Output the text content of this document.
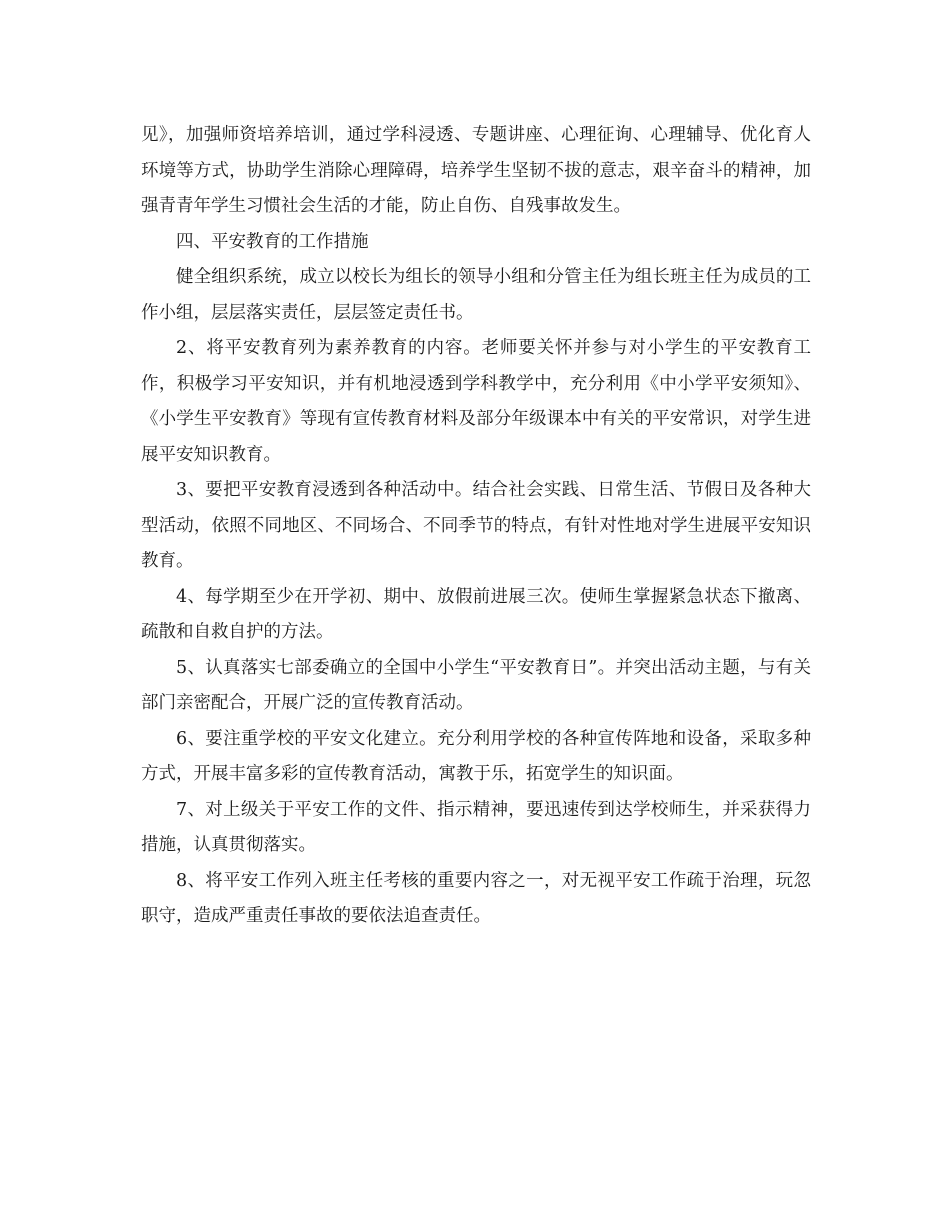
见》，加强师资培养培训，通过学科浸透、专题讲座、心理征询、心理辅导、优化育人环境等方式，协助学生消除心理障碍，培养学生坚韧不拔的意志，艰辛奋斗的精神，加强青青年学生习惯社会生活的才能，防止自伤、自残事故发生。

四、平安教育的工作措施

健全组织系统，成立以校长为组长的领导小组和分管主任为组长班主任为成员的工作小组，层层落实责任，层层签定责任书。

2、将平安教育列为素养教育的内容。老师要关怀并参与对小学生的平安教育工作，积极学习平安知识，并有机地浸透到学科教学中，充分利用《中小学平安须知》、《小学生平安教育》等现有宣传教育材料及部分年级课本中有关的平安常识，对学生进展平安知识教育。

3、要把平安教育浸透到各种活动中。结合社会实践、日常生活、节假日及各种大型活动，依照不同地区、不同场合、不同季节的特点，有针对性地对学生进展平安知识教育。

4、每学期至少在开学初、期中、放假前进展三次。使师生掌握紧急状态下撤离、疏散和自救自护的方法。

5、认真落实七部委确立的全国中小学生“平安教育日”。并突出活动主题，与有关部门亲密配合，开展广泛的宣传教育活动。

6、要注重学校的平安文化建立。充分利用学校的各种宣传阵地和设备，采取多种方式，开展丰富多彩的宣传教育活动，寓教于乐，拓宽学生的知识面。

7、对上级关于平安工作的文件、指示精神，要迅速传到达学校师生，并采获得力措施，认真贯彻落实。

8、将平安工作列入班主任考核的重要内容之一，对无视平安工作疏于治理，玩忽职守，造成严重责任事故的要依法追查责任。
